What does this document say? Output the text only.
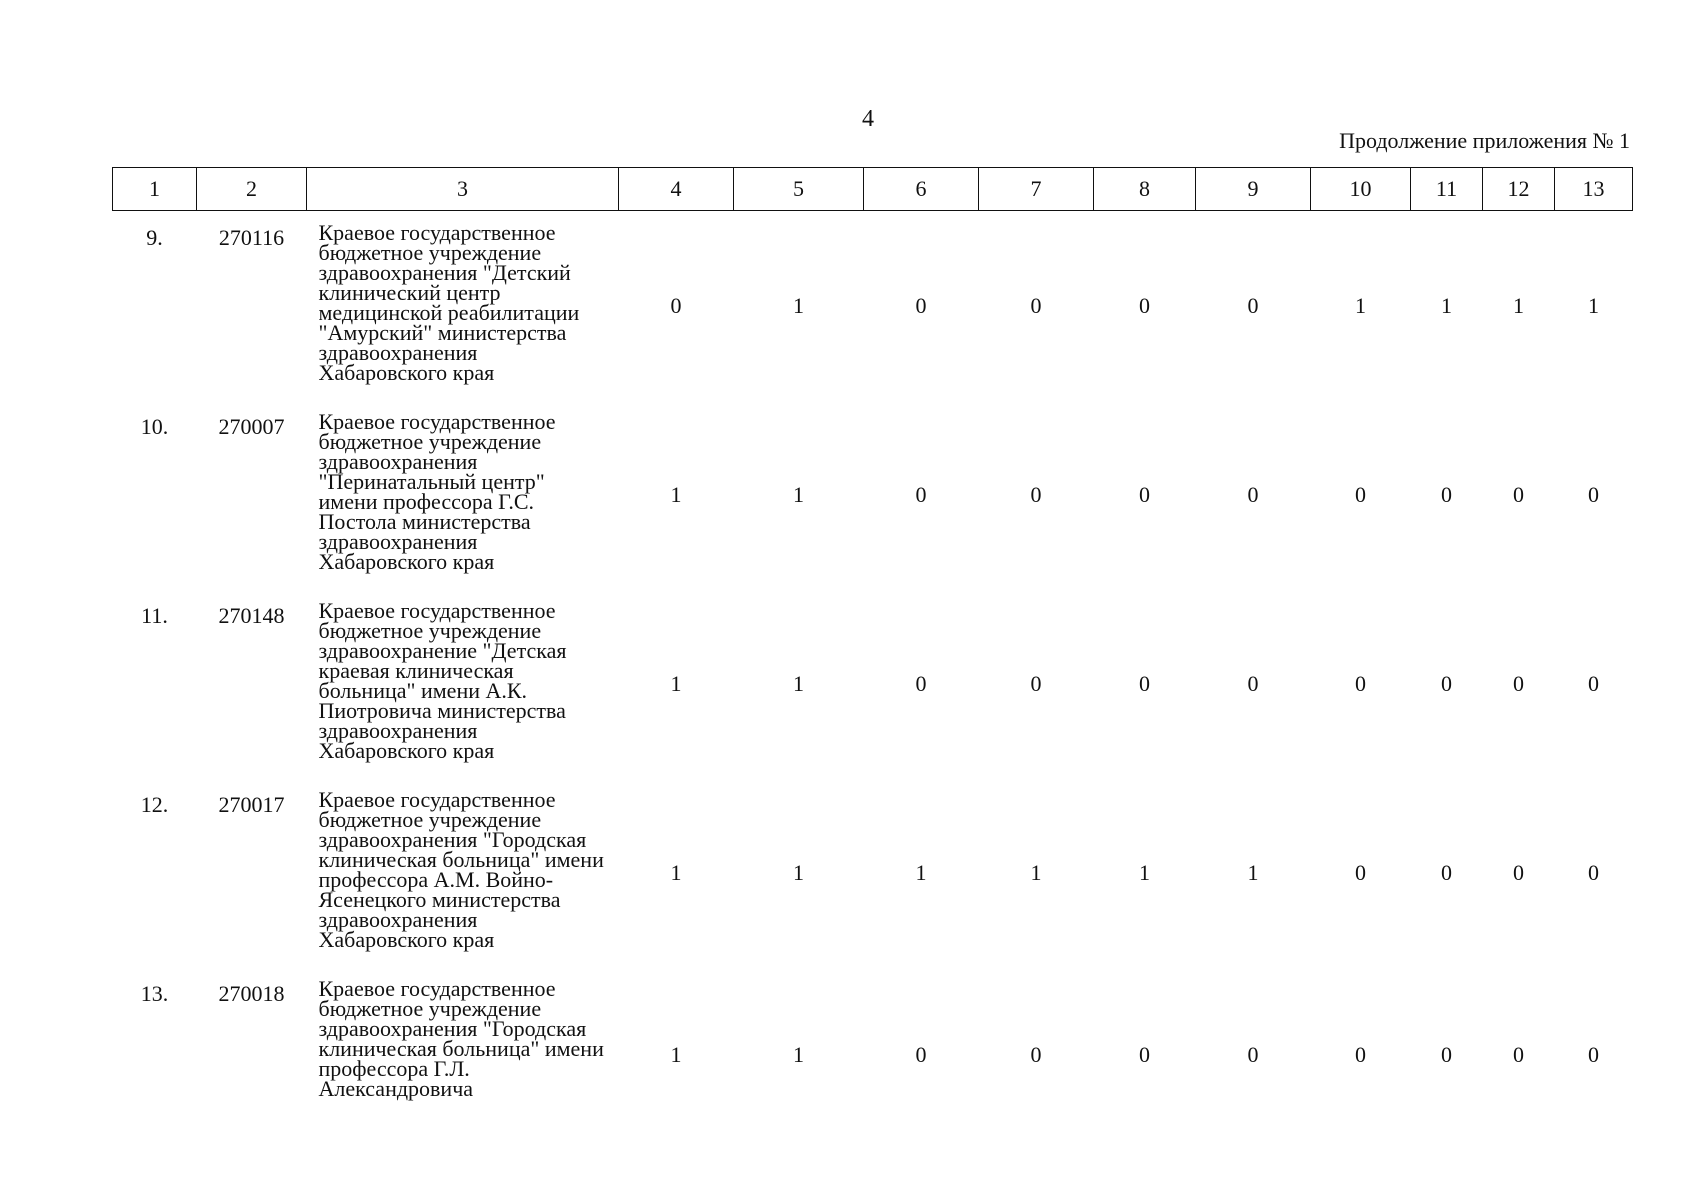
4
Продолжение приложения № 1
1	2	3	4	5	6	7	8	9	10	11	12	13
9.	270116	Краевое государственное бюджетное учреждение здравоохранения "Детский клинический центр медицинской реабилитации "Амурский" министерства здравоохранения Хабаровского края	0	1	0	0	0	0	1	1	1	1
10.	270007	Краевое государственное бюджетное учреждение здравоохранения "Перинатальный центр" имени профессора Г.С. Постола министерства здравоохранения Хабаровского края	1	1	0	0	0	0	0	0	0	0
11.	270148	Краевое государственное бюджетное учреждение здравоохранение "Детская краевая клиническая больница" имени А.К. Пиотровича министерства здравоохранения Хабаровского края	1	1	0	0	0	0	0	0	0	0
12.	270017	Краевое государственное бюджетное учреждение здравоохранения "Городская клиническая больница" имени профессора А.М. Войно-Ясенецкого министерства здравоохранения Хабаровского края	1	1	1	1	1	1	0	0	0	0
13.	270018	Краевое государственное бюджетное учреждение здравоохранения "Городская клиническая больница" имени профессора Г.Л. Александровича	1	1	0	0	0	0	0	0	0	0
